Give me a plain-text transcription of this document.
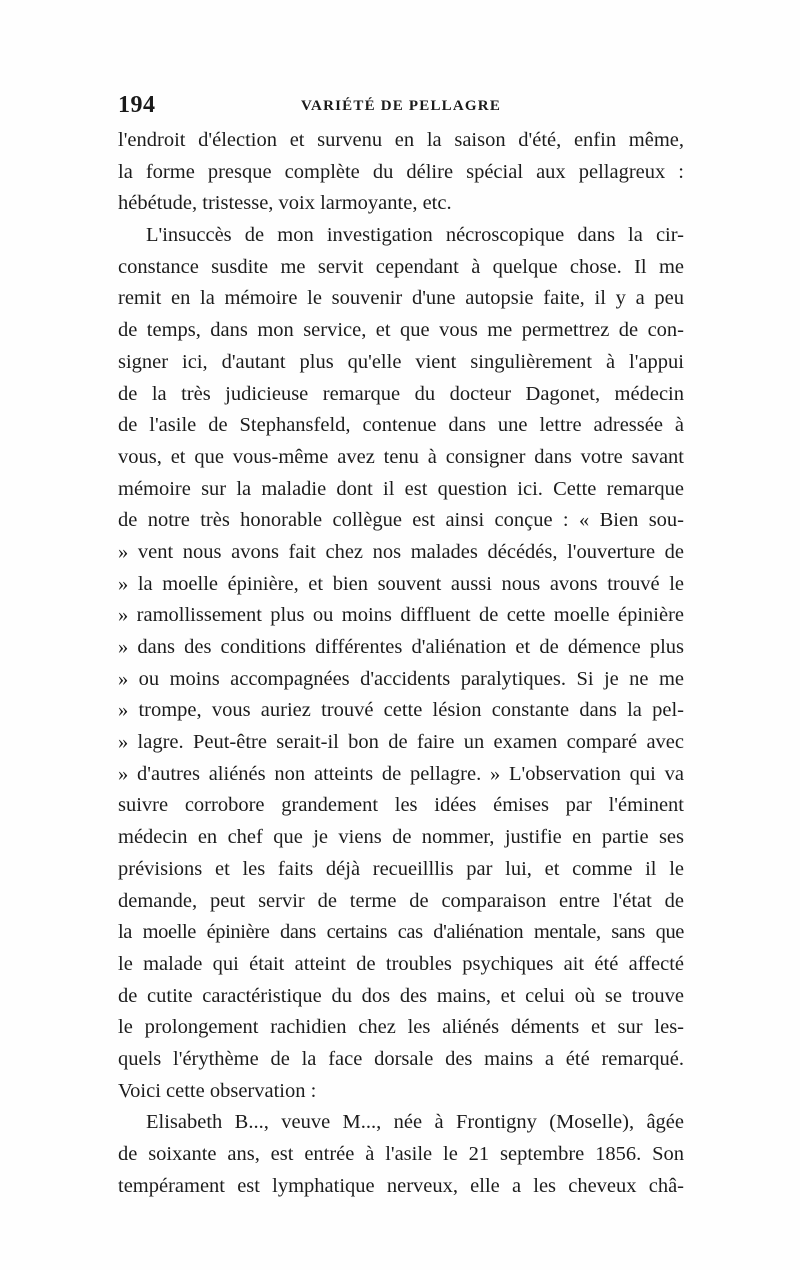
194	VARIÉTÉ DE PELLAGRE
l'endroit d'élection et survenu en la saison d'été, enfin même,
la forme presque complète du délire spécial aux pellagreux :
hébétude, tristesse, voix larmoyante, etc.
L'insuccès de mon investigation nécroscopique dans la cir-
constance susdite me servit cependant à quelque chose. Il me
remit en la mémoire le souvenir d'une autopsie faite, il y a peu
de temps, dans mon service, et que vous me permettrez de con-
signer ici, d'autant plus qu'elle vient singulièrement à l'appui
de la très judicieuse remarque du docteur Dagonet, médecin
de l'asile de Stephansfeld, contenue dans une lettre adressée à
vous, et que vous-même avez tenu à consigner dans votre savant
mémoire sur la maladie dont il est question ici. Cette remarque
de notre très honorable collègue est ainsi conçue : « Bien sou-
» vent nous avons fait chez nos malades décédés, l'ouverture de
» la moelle épinière, et bien souvent aussi nous avons trouvé le
» ramollissement plus ou moins diffluent de cette moelle épinière
» dans des conditions différentes d'aliénation et de démence plus
» ou moins accompagnées d'accidents paralytiques. Si je ne me
» trompe, vous auriez trouvé cette lésion constante dans la pel-
» lagre. Peut-être serait-il bon de faire un examen comparé avec
» d'autres aliénés non atteints de pellagre. » L'observation qui va
suivre corrobore grandement les idées émises par l'éminent
médecin en chef que je viens de nommer, justifie en partie ses
prévisions et les faits déjà recueilllis par lui, et comme il le
demande, peut servir de terme de comparaison entre l'état de
la moelle épinière dans certains cas d'aliénation mentale, sans que
le malade qui était atteint de troubles psychiques ait été affecté
de cutite caractéristique du dos des mains, et celui où se trouve
le prolongement rachidien chez les aliénés déments et sur les-
quels l'érythème de la face dorsale des mains a été remarqué.
Voici cette observation :
Elisabeth B..., veuve M..., née à Frontigny (Moselle), âgée
de soixante ans, est entrée à l'asile le 21 septembre 1856. Son
tempérament est lymphatique nerveux, elle a les cheveux châ-
